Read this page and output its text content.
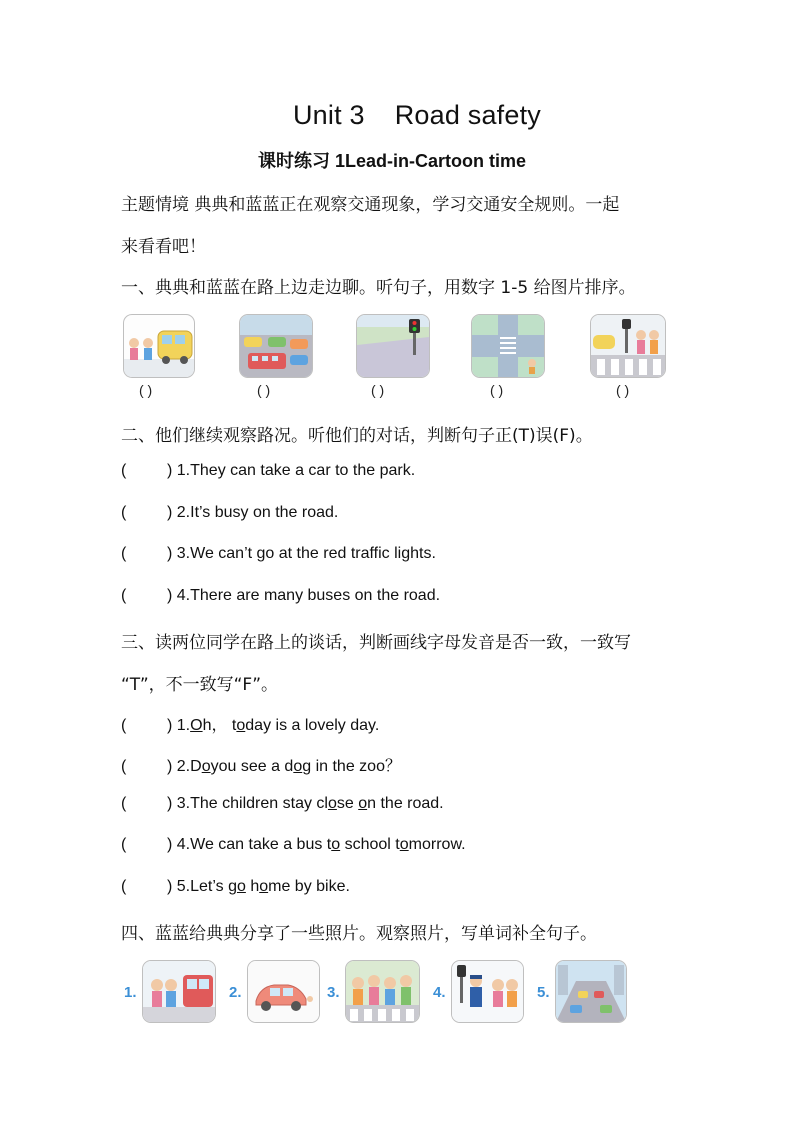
Unit 3 Road safety
课时练习 1Lead-in-Cartoon time
主题情境 典典和蓝蓝正在观察交通现象，学习交通安全规则。一起
来看看吧！
一、典典和蓝蓝在路上边走边聊。听句子，用数字 1-5 给图片排序。
( )	( )	( )	( )	( )
二、他们继续观察路况。听他们的对话，判断句子正(T)误(F)。
(	) 1.They can take a car to the park.
(	) 2.It’s busy on the road.
(	) 3.We can’t go at the red traffic lights.
(	) 4.There are many buses on the road.
三、读两位同学在路上的谈话，判断画线字母发音是否一致，一致写
“T”，不一致写“F”。
(	) 1.Oh， today is a lovely day.
(	) 2.Doyou see a dog in the zoo？
(	) 3.The children stay close on the road.
(	) 4.We can take a bus to school tomorrow.
(	) 5.Let’s go home by bike.
四、蓝蓝给典典分享了一些照片。观察照片，写单词补全句子。
1.	2.	3.	4.	5.
